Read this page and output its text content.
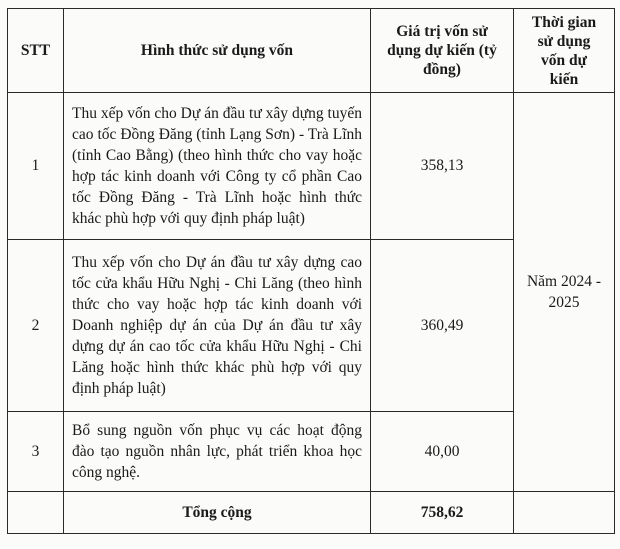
STT	Hình thức sử dụng vốn	Giá trị vốn sử dụng dự kiến (tỷ đồng)	Thời gian sử dụng vốn dự kiến
1	Thu xếp vốn cho Dự án đầu tư xây dựng tuyến cao tốc Đồng Đăng (tỉnh Lạng Sơn) - Trà Lĩnh (tỉnh Cao Bằng) (theo hình thức cho vay hoặc hợp tác kinh doanh với Công ty cổ phần Cao tốc Đồng Đăng - Trà Lĩnh hoặc hình thức khác phù hợp với quy định pháp luật)	358,13	Năm 2024 - 2025
2	Thu xếp vốn cho Dự án đầu tư xây dựng cao tốc cửa khẩu Hữu Nghị - Chi Lăng (theo hình thức cho vay hoặc hợp tác kinh doanh với Doanh nghiệp dự án của Dự án đầu tư xây dựng dự án cao tốc cửa khẩu Hữu Nghị - Chi Lăng hoặc hình thức khác phù hợp với quy định pháp luật)	360,49	
3	Bổ sung nguồn vốn phục vụ các hoạt động đào tạo nguồn nhân lực, phát triển khoa học công nghệ.	40,00	
	Tổng cộng	758,62	
